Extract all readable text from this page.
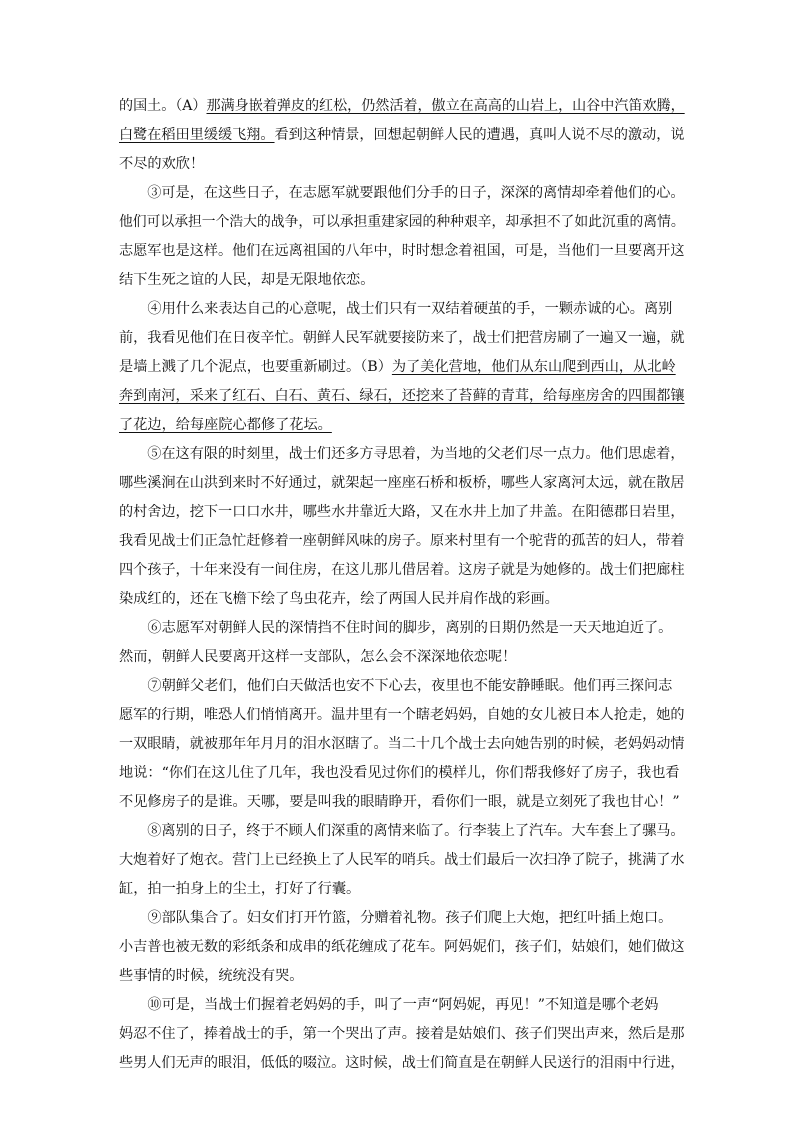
的国土。（A）那满身嵌着弹皮的红松，仍然活着，傲立在高高的山岩上，山谷中汽笛欢腾，
白鹭在稻田里缓缓飞翔。看到这种情景，回想起朝鲜人民的遭遇，真叫人说不尽的激动，说
不尽的欢欣！
　　③可是，在这些日子，在志愿军就要跟他们分手的日子，深深的离情却牵着他们的心。
他们可以承担一个浩大的战争，可以承担重建家园的种种艰辛，却承担不了如此沉重的离情。
志愿军也是这样。他们在远离祖国的八年中，时时想念着祖国，可是，当他们一旦要离开这
结下生死之谊的人民，却是无限地依恋。
　　④用什么来表达自己的心意呢，战士们只有一双结着硬茧的手，一颗赤诚的心。离别
前，我看见他们在日夜辛忙。朝鲜人民军就要接防来了，战士们把营房刷了一遍又一遍，就
是墙上溅了几个泥点，也要重新刷过。（B）为了美化营地，他们从东山爬到西山，从北岭
奔到南河，采来了红石、白石、黄石、绿石，还挖来了苔藓的青茸，给每座房舍的四围都镶
了花边，给每座院心都修了花坛。
　　⑤在这有限的时刻里，战士们还多方寻思着，为当地的父老们尽一点力。他们思虑着，
哪些溪涧在山洪到来时不好通过，就架起一座座石桥和板桥，哪些人家离河太远，就在散居
的村舍边，挖下一口口水井，哪些水井靠近大路，又在水井上加了井盖。在阳德郡日岩里，
我看见战士们正急忙赶修着一座朝鲜风味的房子。原来村里有一个驼背的孤苦的妇人，带着
四个孩子，十年来没有一间住房，在这儿那儿借居着。这房子就是为她修的。战士们把廊柱
染成红的，还在飞檐下绘了鸟虫花卉，绘了两国人民并肩作战的彩画。
　　⑥志愿军对朝鲜人民的深情挡不住时间的脚步，离别的日期仍然是一天天地迫近了。
然而，朝鲜人民要离开这样一支部队，怎么会不深深地依恋呢！
　　⑦朝鲜父老们，他们白天做活也安不下心去，夜里也不能安静睡眠。他们再三探问志
愿军的行期，唯恐人们悄悄离开。温井里有一个瞎老妈妈，自她的女儿被日本人抢走，她的
一双眼睛，就被那年年月月的泪水沤瞎了。当二十几个战士去向她告别的时候，老妈妈动情
地说：“你们在这儿住了几年，我也没看见过你们的模样儿，你们帮我修好了房子，我也看
不见修房子的是谁。天哪，要是叫我的眼睛睁开，看你们一眼，就是立刻死了我也甘心！”
　　⑧离别的日子，终于不顾人们深重的离情来临了。行李装上了汽车。大车套上了骡马。
大炮着好了炮衣。营门上已经换上了人民军的哨兵。战士们最后一次扫净了院子，挑满了水
缸，拍一拍身上的尘土，打好了行囊。
　　⑨部队集合了。妇女们打开竹篮，分赠着礼物。孩子们爬上大炮，把红叶插上炮口。
小吉普也被无数的彩纸条和成串的纸花缠成了花车。阿妈妮们，孩子们，姑娘们，她们做这
些事情的时候，统统没有哭。
　　⑩可是，当战士们握着老妈妈的手，叫了一声“阿妈妮，再见！”不知道是哪个老妈
妈忍不住了，捧着战士的手，第一个哭出了声。接着是姑娘们、孩子们哭出声来，然后是那
些男人们无声的眼泪，低低的啜泣。这时候，战士们简直是在朝鲜人民送行的泪雨中行进，
